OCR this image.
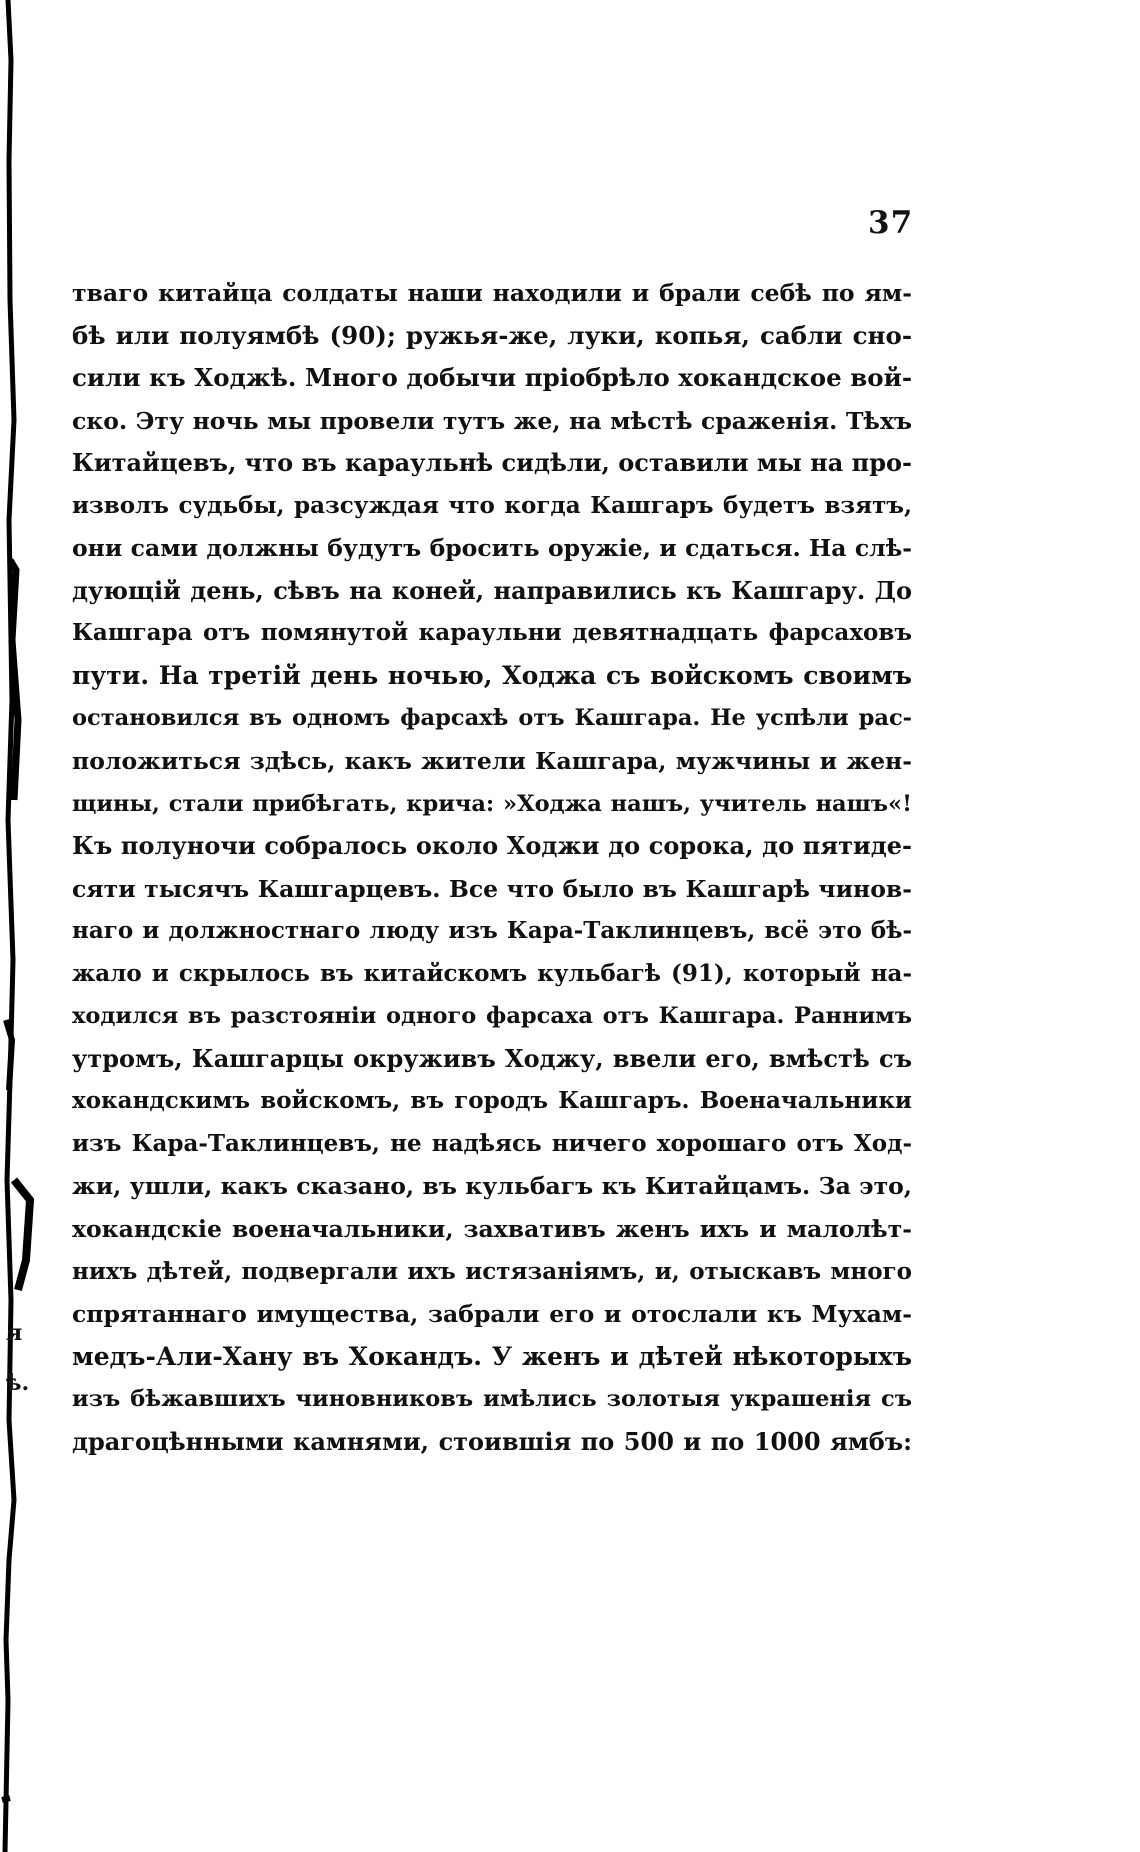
я
ѣ.
37
тваго китайца солдаты наши находили и брали себѣ по ям-
бѣ или полуямбѣ (90); ружья-же, луки, копья, сабли сно-
сили къ Ходжѣ. Много добычи пріобрѣло хокандское вой-
ско. Эту ночь мы провели тутъ же, на мѣстѣ сраженія. Тѣхъ
Китайцевъ, что въ караульнѣ сидѣли, оставили мы на про-
изволъ судьбы, разсуждая что когда Кашгаръ будетъ взятъ,
они сами должны будутъ бросить оружіе, и сдаться. На слѣ-
дующій день, сѣвъ на коней, направились къ Кашгару. До
Кашгара отъ помянутой караульни девятнадцать фарсаховъ
пути. На третій день ночью, Ходжа съ войскомъ своимъ
остановился въ одномъ фарсахѣ отъ Кашгара. Не успѣли рас-
положиться здѣсь, какъ жители Кашгара, мужчины и жен-
щины, стали прибѣгать, крича: »Ходжа нашъ, учитель нашъ«!
Къ полуночи собралось около Ходжи до сорока, до пятиде-
сяти тысячъ Кашгарцевъ. Все что было въ Кашгарѣ чинов-
наго и должностнаго люду изъ Кара-Таклинцевъ, всё это бѣ-
жало и скрылось въ китайскомъ кульбагѣ (91), который на-
ходился въ разстояніи одного фарсаха отъ Кашгара. Раннимъ
утромъ, Кашгарцы окруживъ Ходжу, ввели его, вмѣстѣ съ
хокандскимъ войскомъ, въ городъ Кашгаръ. Военачальники
изъ Кара-Таклинцевъ, не надѣясь ничего хорошаго отъ Ход-
жи, ушли, какъ сказано, въ кульбагъ къ Китайцамъ. За это,
хокандскіе военачальники, захвативъ женъ ихъ и малолѣт-
нихъ дѣтей, подвергали ихъ истязаніямъ, и, отыскавъ много
спрятаннаго имущества, забрали его и отослали къ Мухам-
медъ-Али-Хану въ Хокандъ. У женъ и дѣтей нѣкоторыхъ
изъ бѣжавшихъ чиновниковъ имѣлись золотыя украшенія съ
драгоцѣнными камнями, стоившія по 500 и по 1000 ямбъ:
